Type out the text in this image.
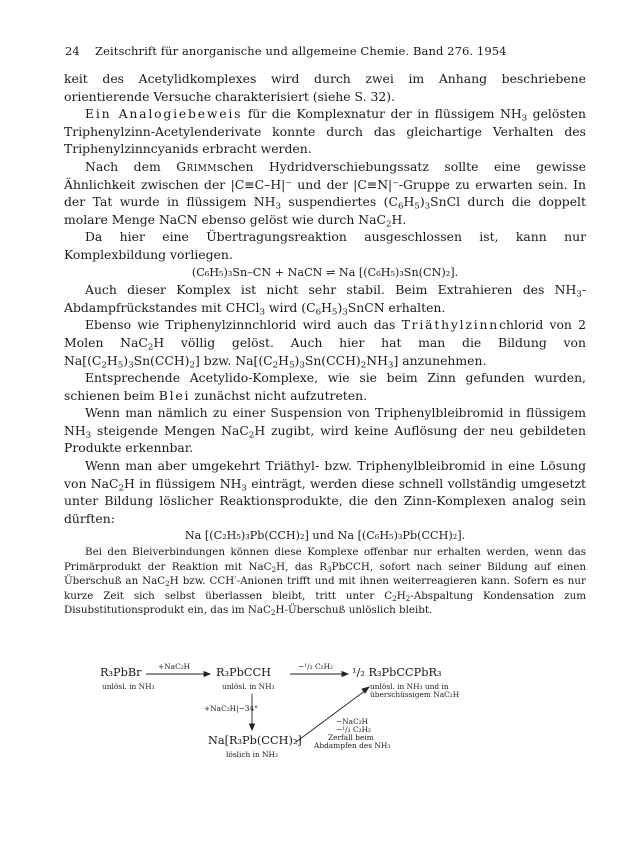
24 Zeitschrift für anorganische und allgemeine Chemie. Band 276. 1954

keit des Acetylidkomplexes wird durch zwei im Anhang beschriebene orientierende Versuche charakterisiert (siehe S. 32).

Ein Analogiebeweis für die Komplexnatur der in flüssigem $NH_3$ gelösten Triphenylzinn-Acetylenderivate konnte durch das gleichartige Verhalten des Triphenylzinncyanids erbracht werden.

Nach dem Grimmschen Hydridverschiebungssatz sollte eine gewisse Ähnlichkeit zwischen der |C≡C–H|⁻ und der |C≡N|⁻-Gruppe zu erwarten sein. In der Tat wurde in flüssigem $NH_3$ suspendiertes $(C_6H_5)_3SnCl$ durch die doppelt molare Menge NaCN ebenso gelöst wie durch NaC$_2$H.

Da hier eine Übertragungsreaktion ausgeschlossen ist, kann nur Komplexbildung vorliegen.

(C₆H₅)₃Sn–CN + NaCN ⇌ Na [(C₆H₅)₃Sn(CN)₂].

Auch dieser Komplex ist nicht sehr stabil. Beim Extrahieren des $NH_3$-Abdampfrückstandes mit CHCl$_3$ wird $(C_6H_5)_3SnCN$ erhalten.

Ebenso wie Triphenylzinnchlorid wird auch das Triäthylzinnchlorid von 2 Molen NaC$_2$H völlig gelöst. Auch hier hat man die Bildung von $Na[(C_2H_5)_3Sn(CCH)_2]$ bzw. $Na[(C_2H_5)_3Sn(CCH)_2NH_3]$ anzunehmen.

Entsprechende Acetylido-Komplexe, wie sie beim Zinn gefunden wurden, schienen beim Blei zunächst nicht aufzutreten.

Wenn man nämlich zu einer Suspension von Triphenylbleibromid in flüssigem $NH_3$ steigende Mengen NaC$_2$H zugibt, wird keine Auflösung der neu gebildeten Produkte erkennbar.

Wenn man aber umgekehrt Triäthyl- bzw. Triphenylbleibromid in eine Lösung von NaC$_2$H in flüssigem $NH_3$ einträgt, werden diese schnell vollständig umgesetzt unter Bildung löslicher Reaktionsprodukte, die den Zinn-Komplexen analog sein dürften:

Na [(C₂H₅)₃Pb(CCH)₂] und Na [(C₆H₅)₃Pb(CCH)₂].

Bei den Bleiverbindungen können diese Komplexe offenbar nur erhalten werden, wenn das Primärprodukt der Reaktion mit NaC$_2$H, das $R_3PbCCH$, sofort nach seiner Bildung auf einen Überschuß an NaC$_2$H bzw. CCH′-Anionen trifft und mit ihnen weiterreagieren kann. Sofern es nur kurze Zeit sich selbst überlassen bleibt, tritt unter $C_2H_2$-Abspaltung Kondensation zum Disubstitutionsprodukt ein, das im NaC$_2$H-Überschuß unlöslich bleibt.

R₃PbBr
unlösl. in NH₃
+NaC₂H R₃PbCCH
unlösl. in NH₃
−¹/₂ C₂H₂ ¹/₂ R₃PbCCPbR₃
unlösl. in NH₃ und in
überschüssigem NaC₂H
+NaC₂H|−34°
Na[R₃Pb(CCH)₂]
löslich in NH₃
−NaC₂H
−¹/₂ C₂H₂
Zerfall beim
Abdampfen des NH₃
